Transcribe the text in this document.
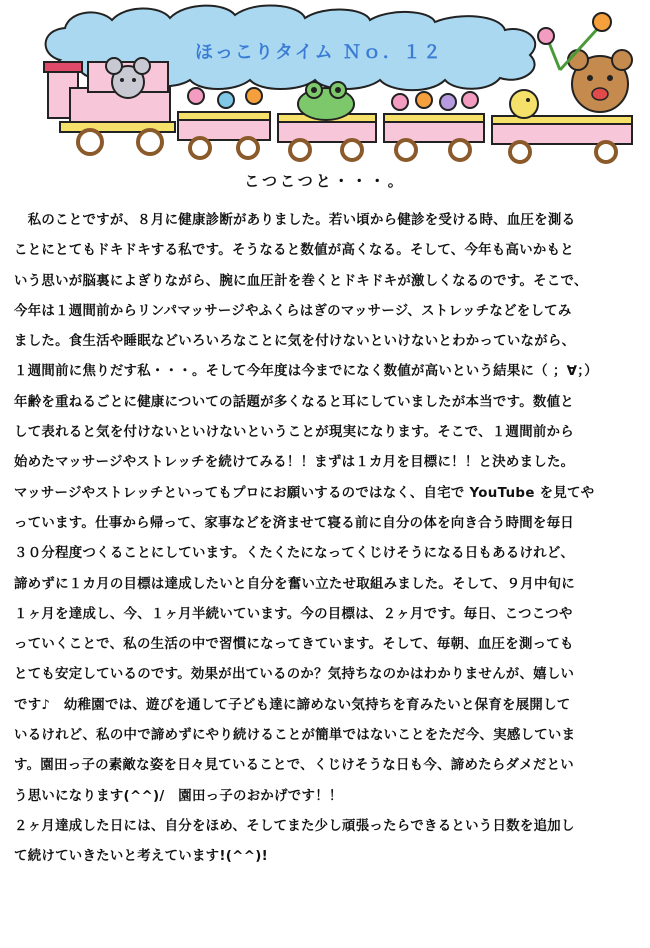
ほっこりタイム Ｎｏ．１２
こつこつと・・・。
　私のことですが、８月に健康診断がありました。若い頃から健診を受ける時、血圧を測る
ことにとてもドキドキする私です。そうなると数値が高くなる。そして、今年も高いかもと
いう思いが脳裏によぎりながら、腕に血圧計を巻くとドキドキが激しくなるのです。そこで、
今年は１週間前からリンパマッサージやふくらはぎのマッサージ、ストレッチなどをしてみ
ました。食生活や睡眠などいろいろなことに気を付けないといけないとわかっていながら、
１週間前に焦りだす私・・・。そして今年度は今までになく数値が高いという結果に（ ；∀；）
年齢を重ねるごとに健康についての話題が多くなると耳にしていましたが本当です。数値と
して表れると気を付けないといけないということが現実になります。そこで、１週間前から
始めたマッサージやストレッチを続けてみる！！まずは１カ月を目標に！！と決めました。
マッサージやストレッチといってもプロにお願いするのではなく、自宅で YouTube を見てや
っています。仕事から帰って、家事などを済ませて寝る前に自分の体を向き合う時間を毎日
３０分程度つくることにしています。くたくたになってくじけそうになる日もあるけれど、
諦めずに１カ月の目標は達成したいと自分を奮い立たせ取組みました。そして、９月中旬に
１ヶ月を達成し、今、１ヶ月半続いています。今の目標は、２ヶ月です。毎日、こつこつや
っていくことで、私の生活の中で習慣になってきています。そして、毎朝、血圧を測っても
とても安定しているのです。効果が出ているのか？気持ちなのかはわかりませんが、嬉しい
です♪　幼稚園では、遊びを通して子ども達に諦めない気持ちを育みたいと保育を展開して
いるけれど、私の中で諦めずにやり続けることが簡単ではないことをただ今、実感していま
す。園田っ子の素敵な姿を日々見ていることで、くじけそうな日も今、諦めたらダメだとい
う思いになります(^^)/　園田っ子のおかげです！！
２ヶ月達成した日には、自分をほめ、そしてまた少し頑張ったらできるという日数を追加し
て続けていきたいと考えています!(^^)!
